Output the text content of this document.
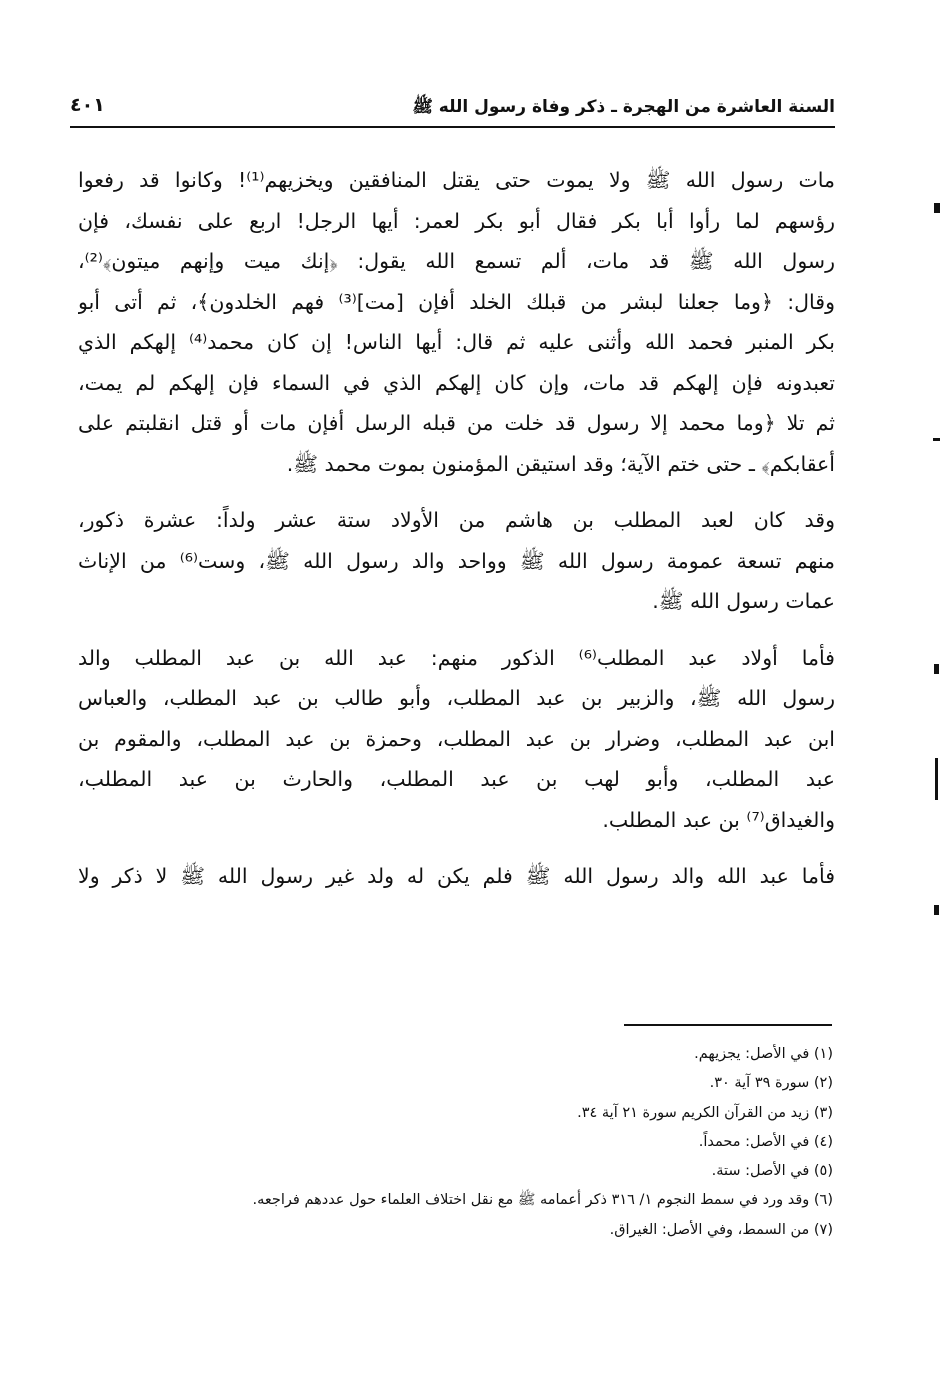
السنة العاشرة من الهجرة ـ ذكر وفاة رسول الله ﷺ
٤٠١
مات رسول الله ﷺ ولا يموت حتى يقتل المنافقين ويخزيهم⁽¹⁾! وكانوا قد رفعوا
رؤسهم لما رأوا أبا بكر فقال أبو بكر لعمر: أيها الرجل! اربع على نفسك، فإن
رسول الله ﷺ قد مات، ألم تسمع الله يقول: ﴿إنك ميت وإنهم ميتون﴾⁽²⁾،
وقال: ﴿وما جعلنا لبشر من قبلك الخلد أفإن [مت]⁽³⁾ فهم الخلدون﴾، ثم أتى أبو
بكر المنبر فحمد الله وأثنى عليه ثم قال: أيها الناس! إن كان محمد⁽⁴⁾ إلهكم الذي
تعبدونه فإن إلهكم قد مات، وإن كان إلهكم الذي في السماء فإن إلهكم لم يمت،
ثم تلا ﴿وما محمد إلا رسول قد خلت من قبله الرسل أفإن مات أو قتل انقلبتم على
أعقابكم﴾ ـ حتى ختم الآية؛ وقد استيقن المؤمنون بموت محمد ﷺ.
وقد كان لعبد المطلب بن هاشم من الأولاد ستة عشر ولداً: عشرة ذكور،
منهم تسعة عمومة رسول الله ﷺ وواحد والد رسول الله ﷺ، وست⁽⁶⁾ من الإناث
عمات رسول الله ﷺ.
فأما أولاد عبد المطلب⁽⁶⁾ الذكور منهم: عبد الله بن عبد المطلب والد
رسول الله ﷺ، والزبير بن عبد المطلب، وأبو طالب بن عبد المطلب، والعباس
ابن عبد المطلب، وضرار بن عبد المطلب، وحمزة بن عبد المطلب، والمقوم بن
عبد المطلب، وأبو لهب بن عبد المطلب، والحارث بن عبد المطلب،
والغيداق⁽⁷⁾ بن عبد المطلب.
فأما عبد الله والد رسول الله ﷺ فلم يكن له ولد غير رسول الله ﷺ لا ذكر ولا
(١) في الأصل: يجزيهم.
(٢) سورة ٣٩ آية ٣٠.
(٣) زيد من القرآن الكريم سورة ٢١ آية ٣٤.
(٤) في الأصل: محمداً.
(٥) في الأصل: ستة.
(٦) وقد ورد في سمط النجوم ١/ ٣١٦ ذكر أعمامه ﷺ مع نقل اختلاف العلماء حول عددهم فراجعه.
(٧) من السمط، وفي الأصل: الغيراق.
